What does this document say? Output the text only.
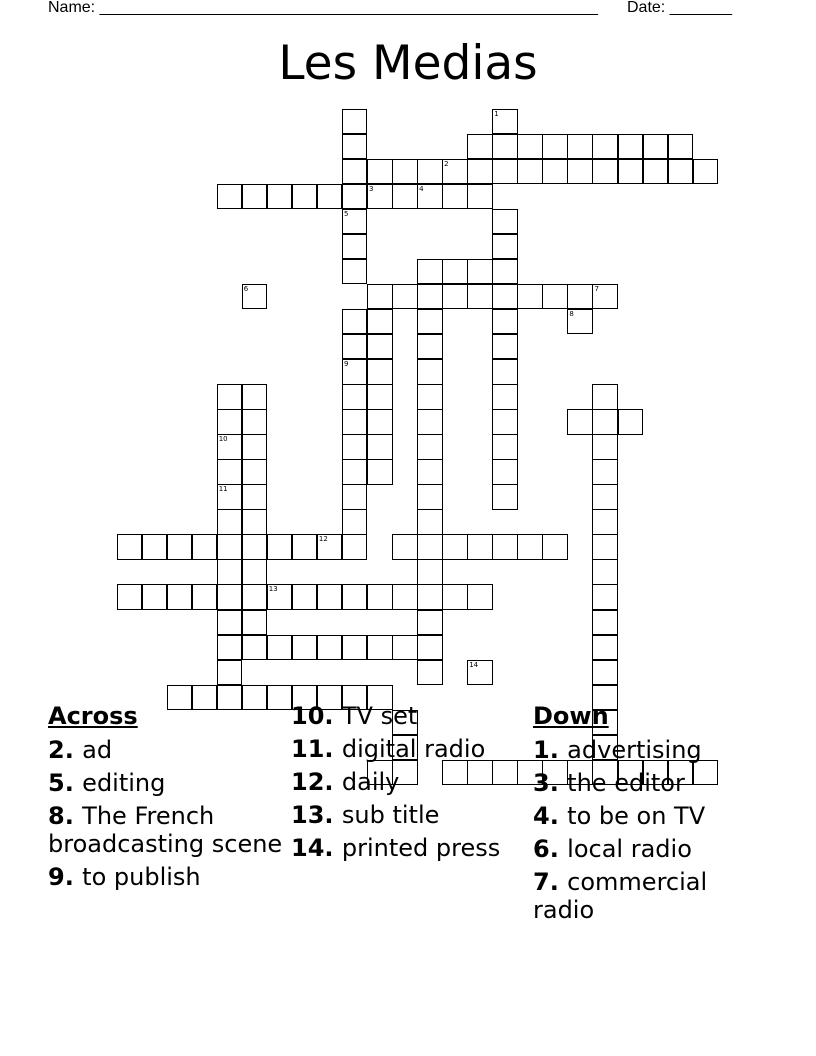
Name: ________________________________________________________ Date: _______
Les Medias
12
13
5
9
2
3	4
10
11
1
6	7
8
14
Across
2. ad
5. editing
8. The French broadcasting scene
9. to publish
10. TV set
11. digital radio
12. daily
13. sub title
14. printed press
Down
1. advertising
3. the editor
4. to be on TV
6. local radio
7. commercial radio
